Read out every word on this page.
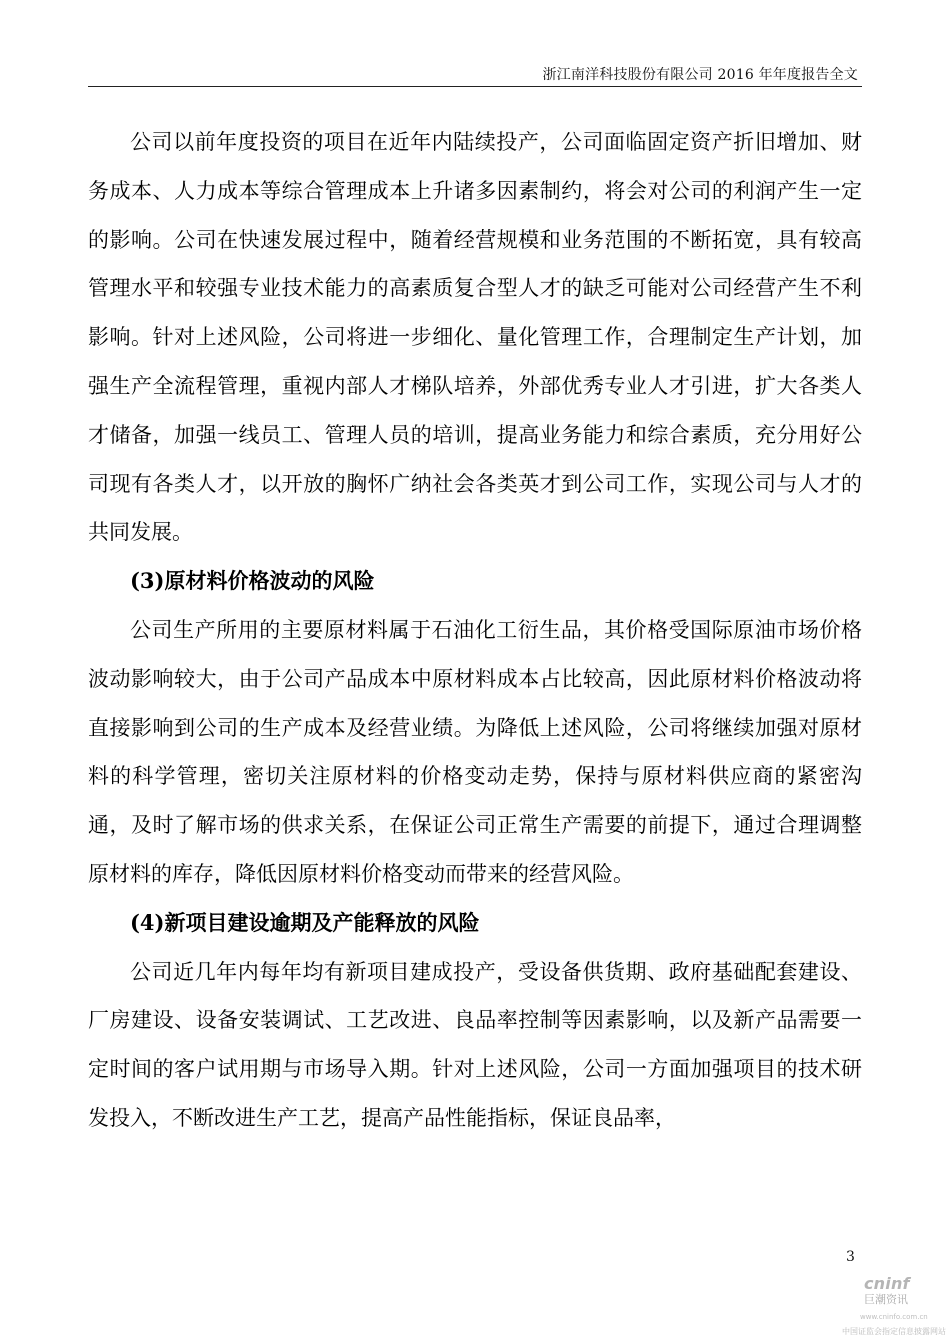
浙江南洋科技股份有限公司 2016 年年度报告全文

公司以前年度投资的项目在近年内陆续投产，公司面临固定资产折旧增加、财务成本、人力成本等综合管理成本上升诸多因素制约，将会对公司的利润产生一定的影响。公司在快速发展过程中，随着经营规模和业务范围的不断拓宽，具有较高管理水平和较强专业技术能力的高素质复合型人才的缺乏可能对公司经营产生不利影响。针对上述风险，公司将进一步细化、量化管理工作，合理制定生产计划，加强生产全流程管理，重视内部人才梯队培养，外部优秀专业人才引进，扩大各类人才储备，加强一线员工、管理人员的培训，提高业务能力和综合素质，充分用好公司现有各类人才，以开放的胸怀广纳社会各类英才到公司工作，实现公司与人才的共同发展。

(3)原材料价格波动的风险

公司生产所用的主要原材料属于石油化工衍生品，其价格受国际原油市场价格波动影响较大，由于公司产品成本中原材料成本占比较高，因此原材料价格波动将直接影响到公司的生产成本及经营业绩。为降低上述风险，公司将继续加强对原材料的科学管理，密切关注原材料的价格变动走势，保持与原材料供应商的紧密沟通，及时了解市场的供求关系，在保证公司正常生产需要的前提下，通过合理调整原材料的库存，降低因原材料价格变动而带来的经营风险。

(4)新项目建设逾期及产能释放的风险

公司近几年内每年均有新项目建成投产，受设备供货期、政府基础配套建设、厂房建设、设备安装调试、工艺改进、良品率控制等因素影响，以及新产品需要一定时间的客户试用期与市场导入期。针对上述风险，公司一方面加强项目的技术研发投入，不断改进生产工艺，提高产品性能指标，保证良品率，

3
cninf
巨潮资讯
www.cninfo.com.cn
中国证监会指定信息披露网站
